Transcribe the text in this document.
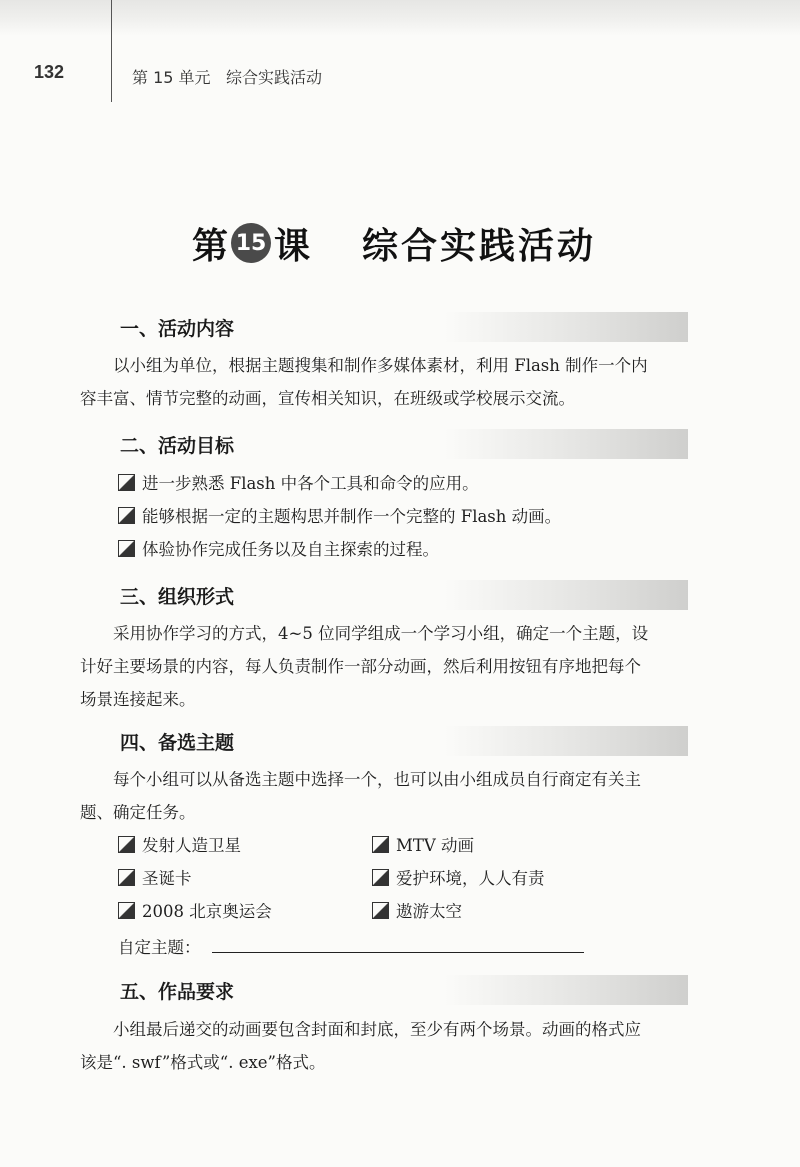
132	第 15 单元 综合实践活动
第 15 课 综合实践活动
一、活动内容
以小组为单位，根据主题搜集和制作多媒体素材，利用 Flash 制作一个内
容丰富、情节完整的动画，宣传相关知识，在班级或学校展示交流。
二、活动目标
进一步熟悉 Flash 中各个工具和命令的应用。
能够根据一定的主题构思并制作一个完整的 Flash 动画。
体验协作完成任务以及自主探索的过程。
三、组织形式
采用协作学习的方式，4~5 位同学组成一个学习小组，确定一个主题，设
计好主要场景的内容，每人负责制作一部分动画，然后利用按钮有序地把每个
场景连接起来。
四、备选主题
每个小组可以从备选主题中选择一个，也可以由小组成员自行商定有关主
题、确定任务。
发射人造卫星	MTV 动画
圣诞卡	爱护环境，人人有责
2008 北京奥运会	遨游太空
自定主题：
五、作品要求
小组最后递交的动画要包含封面和封底，至少有两个场景。动画的格式应
该是“. swf”格式或“. exe”格式。
